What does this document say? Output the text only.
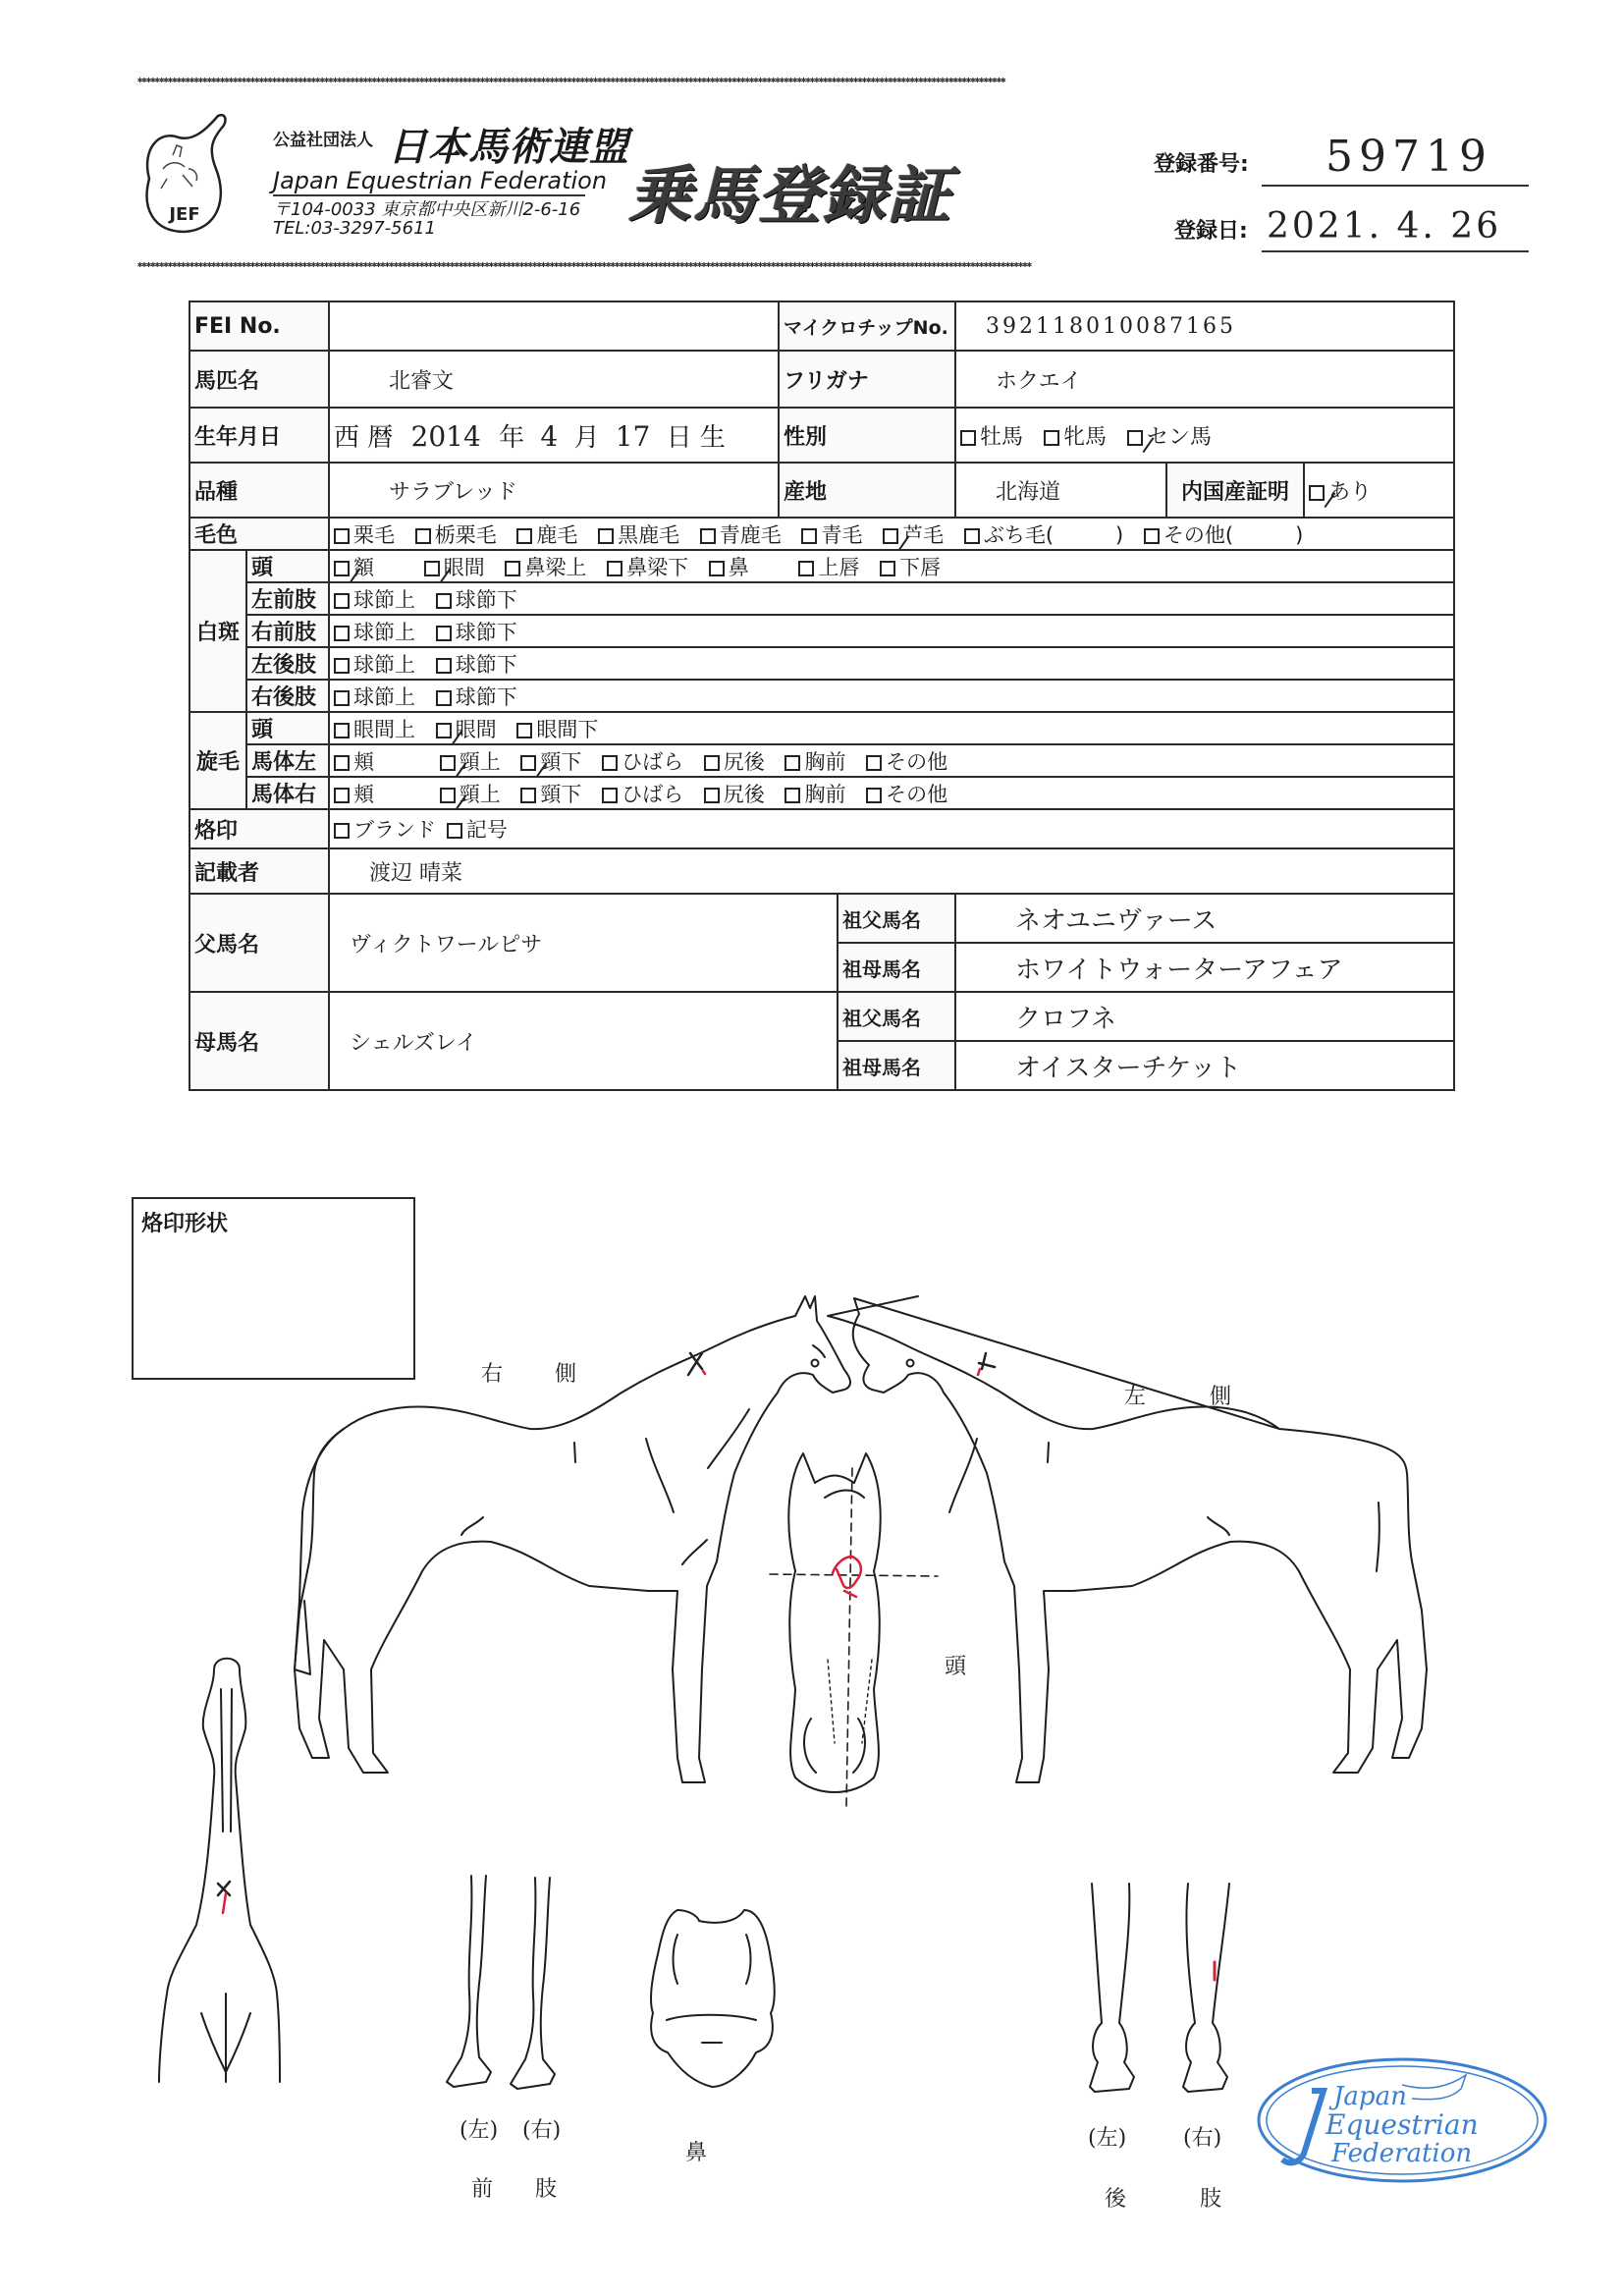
✱✱✱✱✱✱✱✱✱✱✱✱✱✱✱✱✱✱✱✱✱✱✱✱✱✱✱✱✱✱✱✱✱✱✱✱✱✱✱✱✱✱✱✱✱✱✱✱✱✱✱✱✱✱✱✱✱✱✱✱✱✱✱✱✱✱✱✱✱✱✱✱✱✱✱✱✱✱✱✱✱✱✱✱✱✱✱✱✱✱✱✱✱✱✱✱✱✱✱✱✱✱✱✱✱✱✱✱✱✱✱✱✱✱✱✱✱✱✱✱✱✱✱✱✱✱✱✱✱✱✱✱✱✱✱✱✱✱✱✱✱✱✱✱✱✱✱✱✱✱✱✱✱✱✱✱✱✱✱✱✱✱✱✱✱✱✱✱✱✱✱✱✱✱✱✱✱✱✱✱✱✱✱✱✱✱✱✱✱✱✱✱✱✱✱✱✱✱✱✱
✱✱✱✱✱✱✱✱✱✱✱✱✱✱✱✱✱✱✱✱✱✱✱✱✱✱✱✱✱✱✱✱✱✱✱✱✱✱✱✱✱✱✱✱✱✱✱✱✱✱✱✱✱✱✱✱✱✱✱✱✱✱✱✱✱✱✱✱✱✱✱✱✱✱✱✱✱✱✱✱✱✱✱✱✱✱✱✱✱✱✱✱✱✱✱✱✱✱✱✱✱✱✱✱✱✱✱✱✱✱✱✱✱✱✱✱✱✱✱✱✱✱✱✱✱✱✱✱✱✱✱✱✱✱✱✱✱✱✱✱✱✱✱✱✱✱✱✱✱✱✱✱✱✱✱✱✱✱✱✱✱✱✱✱✱✱✱✱✱✱✱✱✱✱✱✱✱✱✱✱✱✱✱✱✱✱✱✱✱✱✱✱✱✱✱✱✱✱✱✱✱✱✱✱✱✱
JEF
公益社団法人 日本馬術連盟
Japan Equestrian Federation
〒104-0033 東京都中央区新川2-6-16
TEL:03-3297-5611	乗馬登録証	登録番号: 59719
登録日: 2021. 4. 26
FEI No.			マイクロチップNo.		392118010087165		
馬匹名		北睿文	フリガナ		ホクエイ		
生年月日		西 暦 2014 年 4 月 17 日 生	性別		牡馬 牝馬 セン馬		
品種		サラブレッド	産地		北海道	内国産証明	あり
毛色		栗毛 栃栗毛 鹿毛 黒鹿毛 青鹿毛 青毛 芦毛 ぶち毛(　　　) その他(　　　)					
白斑	頭	額 眼間 鼻梁上 鼻梁下 鼻 上唇 下唇					
	左前肢	球節上 球節下					
	右前肢	球節上 球節下					
	左後肢	球節上 球節下					
	右後肢	球節上 球節下					
旋毛	頭	眼間上 眼間 眼間下					
	馬体左	頬 頸上 頸下 ひばら 尻後 胸前 その他					
	馬体右	頬 頸上 頸下 ひばら 尻後 胸前 その他					
烙印		ブランド 記号					
記載者		渡辺 晴菜					
父馬名		ヴィクトワールピサ		祖父馬名	ネオユニヴァース		
				祖母馬名	ホワイトウォーターアフェア		
母馬名		シェルズレイ		祖父馬名	クロフネ		
				祖母馬名	オイスターチケット		
烙印形状
右 側
左	側
頭
鼻
(左) (右)
前 肢
(左)	(右)
後	肢
Japan
Equestrian
Federation
